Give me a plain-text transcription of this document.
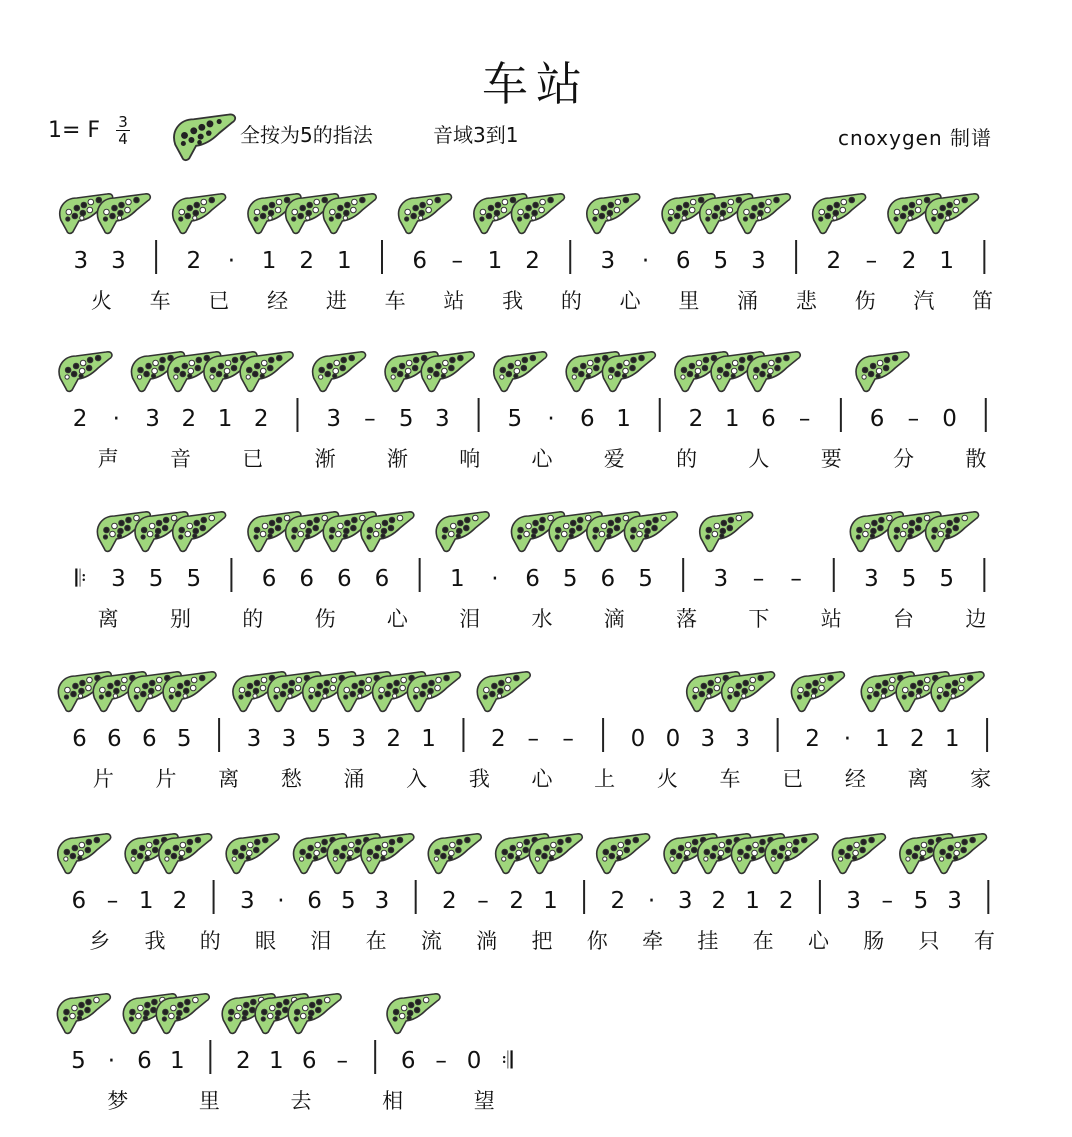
车站
1= F 3
4	全按为5的指法	音域3到1	cnoxygen 制谱
3 3	2 · 1 2 1	6 – 1 2	3 · 6 5 3	2 – 2 1
火 车 已 经 进 车 站 我 的 心 里 涌 悲 伤 汽 笛
2 · 3 2 1 2	3 – 5 3	5 · 6 1	2 1 6 –	6 – 0
声 音 已 渐 渐 响 心 爱 的 人 要 分 散
𝄆 3 5 5	6 6 6 6	1 · 6 5 6 5	3 – –	3 5 5
离 别 的 伤 心 泪 水 滴 落 下 站 台 边
6 6 6 5 3 3 5 3 2 1 2 – – 0 0 3 3 2 · 1 2 1
片 片 离 愁 涌 入 我 心 上 火 车 已 经 离 家
6 – 1 2 3 · 6 5 3 2 – 2 1 2 · 3 2 1 2 3 – 5 3
乡 我 的 眼 泪 在 流 淌 把 你 牵 挂 在 心 肠 只 有
5 · 6 1 2 1 6 – 6 – 0 𝄇
梦	里	去	相	望
